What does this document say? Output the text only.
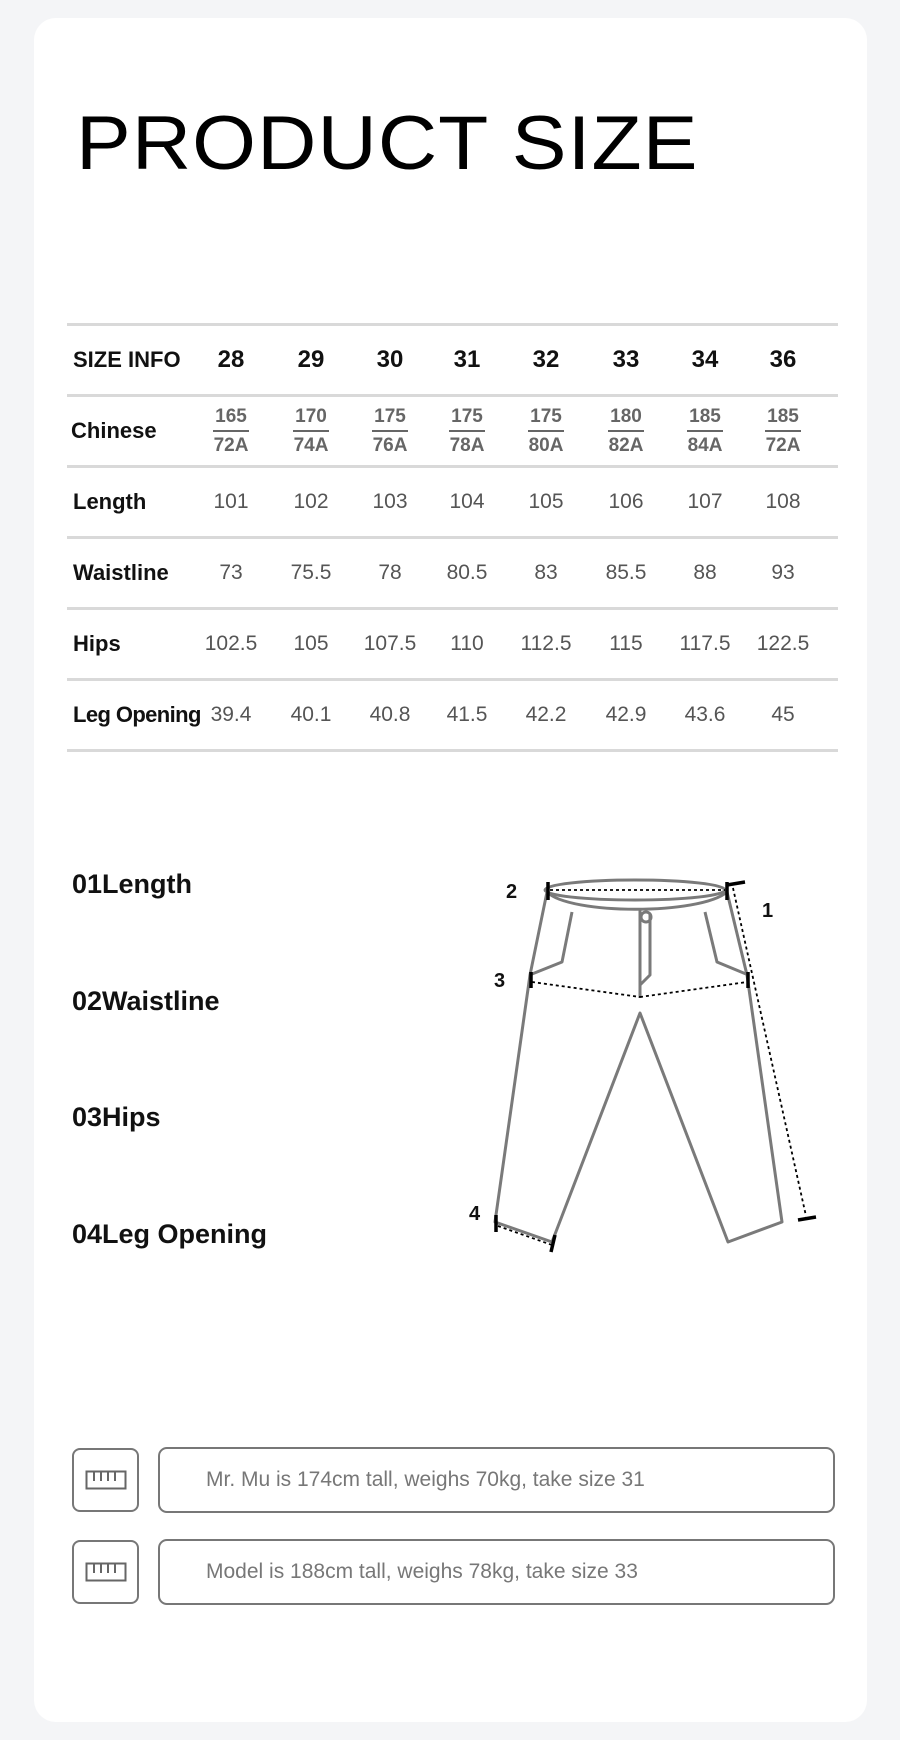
PRODUCT SIZE
SIZE INFO	28	29	30	31	32	33	34	36
Chinese	$\frac{165}{72A} \frac{170}{74A} \frac{175}{76A} \frac{175}{78A} \frac{175}{80A} \frac{180}{82A} \frac{185}{84A} \frac{185}{72A}$
Length	101	102	103	104	105	106	107	108
Waistline	73	75.5	78	80.5	83	85.5	88	93
Hips	102.5	105	107.5	110	112.5	115	117.5	122.5
Leg Opening 39.4	40.1	40.8	41.5	42.2	42.9	43.6	45
01Length
02Waistline
03Hips
04Leg Opening
1
2
3
4
Mr. Mu is 174cm tall, weighs 70kg, take size 31
Model is 188cm tall, weighs 78kg, take size 33
